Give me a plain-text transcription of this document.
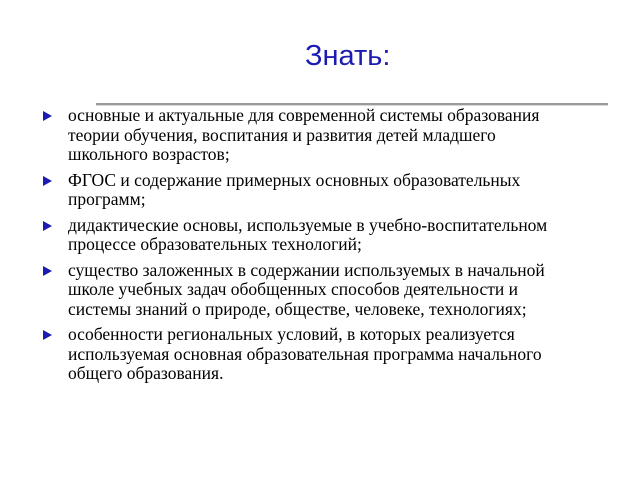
Знать:
основные и актуальные для современной системы образования теории обучения, воспитания и развития детей младшего школьного возрастов;
ФГОС и содержание примерных основных образовательных программ;
дидактические основы, используемые в учебно-воспитательном процессе образовательных технологий;
существо заложенных в содержании используемых в начальной школе учебных задач обобщенных способов деятельности и системы знаний о природе, обществе, человеке, технологиях;
особенности региональных условий, в которых реализуется используемая основная образовательная программа начального общего образования.
